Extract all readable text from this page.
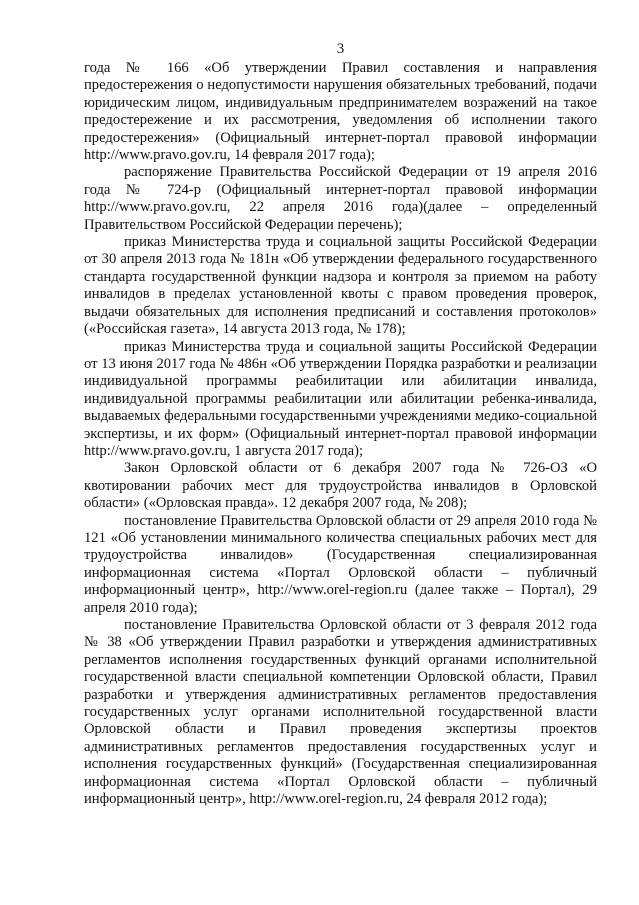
3

года № 166 «Об утверждении Правил составления и направления предостережения о недопустимости нарушения обязательных требований, подачи юридическим лицом, индивидуальным предпринимателем возражений на такое предостережение и их рассмотрения, уведомления об исполнении такого предостережения» (Официальный интернет-портал правовой информации http://www.pravo.gov.ru, 14 февраля 2017 года);

распоряжение Правительства Российской Федерации от 19 апреля 2016 года № 724-р (Официальный интернет-портал правовой информации http://www.pravo.gov.ru, 22 апреля 2016 года)(далее – определенный Правительством Российской Федерации перечень);

приказ Министерства труда и социальной защиты Российской Федерации от 30 апреля 2013 года № 181н «Об утверждении федерального государственного стандарта государственной функции надзора и контроля за приемом на работу инвалидов в пределах установленной квоты с правом проведения проверок, выдачи обязательных для исполнения предписаний и составления протоколов» («Российская газета», 14 августа 2013 года, № 178);

приказ Министерства труда и социальной защиты Российской Федерации от 13 июня 2017 года № 486н «Об утверждении Порядка разработки и реализации индивидуальной программы реабилитации или абилитации инвалида, индивидуальной программы реабилитации или абилитации ребенка-инвалида, выдаваемых федеральными государственными учреждениями медико-социальной экспертизы, и их форм» (Официальный интернет-портал правовой информации http://www.pravo.gov.ru, 1 августа 2017 года);

Закон Орловской области от 6 декабря 2007 года № 726-ОЗ «О квотировании рабочих мест для трудоустройства инвалидов в Орловской области» («Орловская правда». 12 декабря 2007 года, № 208);

постановление Правительства Орловской области от 29 апреля 2010 года № 121 «Об установлении минимального количества специальных рабочих мест для трудоустройства инвалидов» (Государственная специализированная информационная система «Портал Орловской области – публичный информационный центр», http://www.orel-region.ru (далее также – Портал), 29 апреля 2010 года);

постановление Правительства Орловской области от 3 февраля 2012 года № 38 «Об утверждении Правил разработки и утверждения административных регламентов исполнения государственных функций органами исполнительной государственной власти специальной компетенции Орловской области, Правил разработки и утверждения административных регламентов предоставления государственных услуг органами исполнительной государственной власти Орловской области и Правил проведения экспертизы проектов административных регламентов предоставления государственных услуг и исполнения государственных функций» (Государственная специализированная информационная система «Портал Орловской области – публичный информационный центр», http://www.orel-region.ru, 24 февраля 2012 года);
